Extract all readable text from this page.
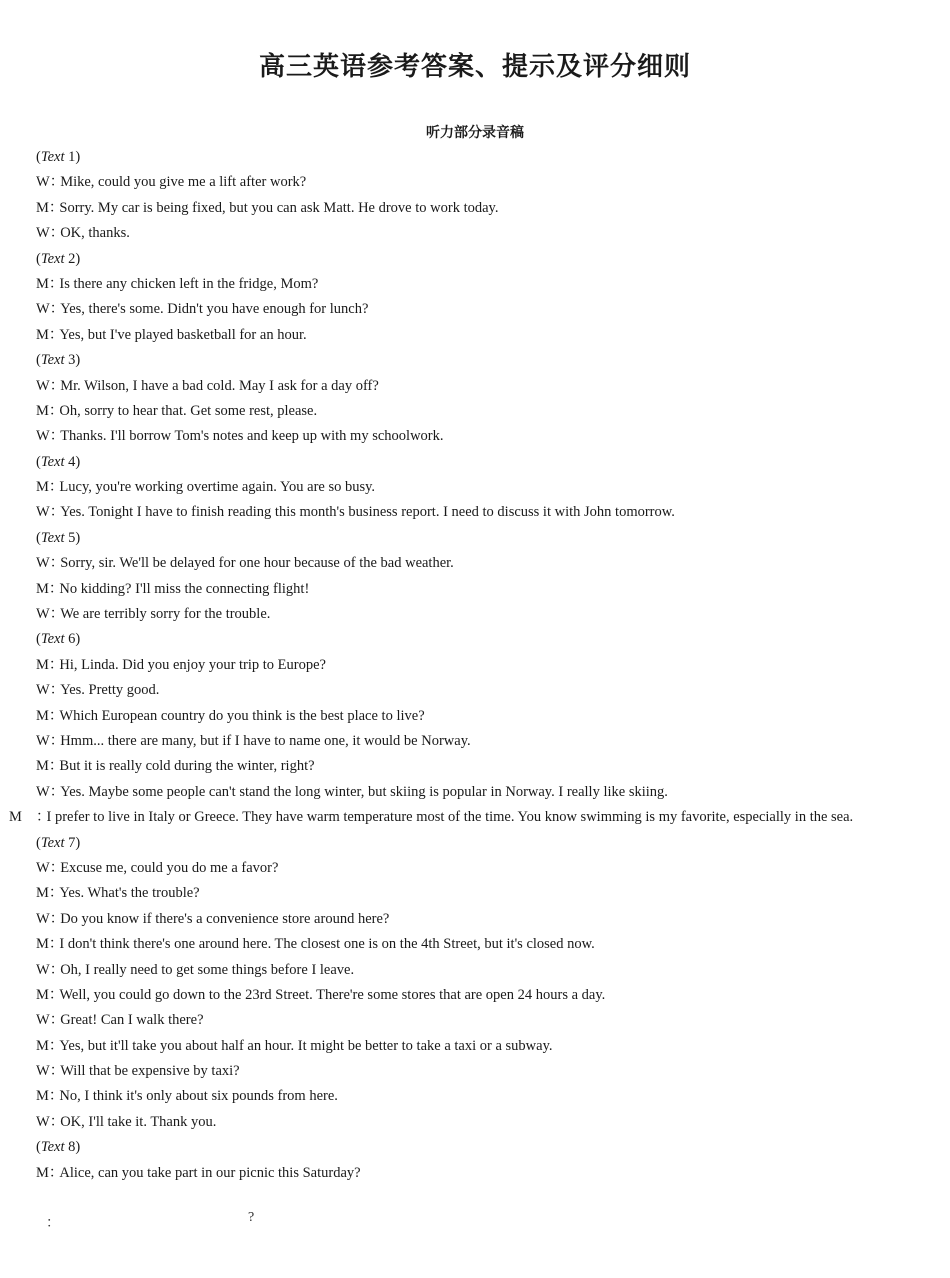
高三英语参考答案、提示及评分细则
听力部分录音稿
(Text 1)
W：Mike, could you give me a lift after work?
M：Sorry. My car is being fixed, but you can ask Matt. He drove to work today.
W：OK, thanks.
(Text 2)
M：Is there any chicken left in the fridge, Mom?
W：Yes, there's some. Didn't you have enough for lunch?
M：Yes, but I've played basketball for an hour.
(Text 3)
W：Mr. Wilson, I have a bad cold. May I ask for a day off?
M：Oh, sorry to hear that. Get some rest, please.
W：Thanks. I'll borrow Tom's notes and keep up with my schoolwork.
(Text 4)
M：Lucy, you're working overtime again. You are so busy.
W：Yes. Tonight I have to finish reading this month's business report. I need to discuss it with John tomorrow.
(Text 5)
W：Sorry, sir. We'll be delayed for one hour because of the bad weather.
M：No kidding? I'll miss the connecting flight!
W：We are terribly sorry for the trouble.
(Text 6)
M：Hi, Linda. Did you enjoy your trip to Europe?
W：Yes. Pretty good.
M：Which European country do you think is the best place to live?
W：Hmm... there are many, but if I have to name one, it would be Norway.
M：But it is really cold during the winter, right?
W：Yes. Maybe some people can't stand the long winter, but skiing is popular in Norway. I really like skiing.
M ：I prefer to live in Italy or Greece. They have warm temperature most of the time. You know swimming is my favorite, especially in the sea.
(Text 7)
W：Excuse me, could you do me a favor?
M：Yes. What's the trouble?
W：Do you know if there's a convenience store around here?
M：I don't think there's one around here. The closest one is on the 4th Street, but it's closed now.
W：Oh, I really need to get some things before I leave.
M：Well, you could go down to the 23rd Street. There're some stores that are open 24 hours a day.
W：Great! Can I walk there?
M：Yes, but it'll take you about half an hour. It might be better to take a taxi or a subway.
W：Will that be expensive by taxi?
M：No, I think it's only about six pounds from here.
W：OK, I'll take it. Thank you.
(Text 8)
M：Alice, can you take part in our picnic this Saturday?
：	?
